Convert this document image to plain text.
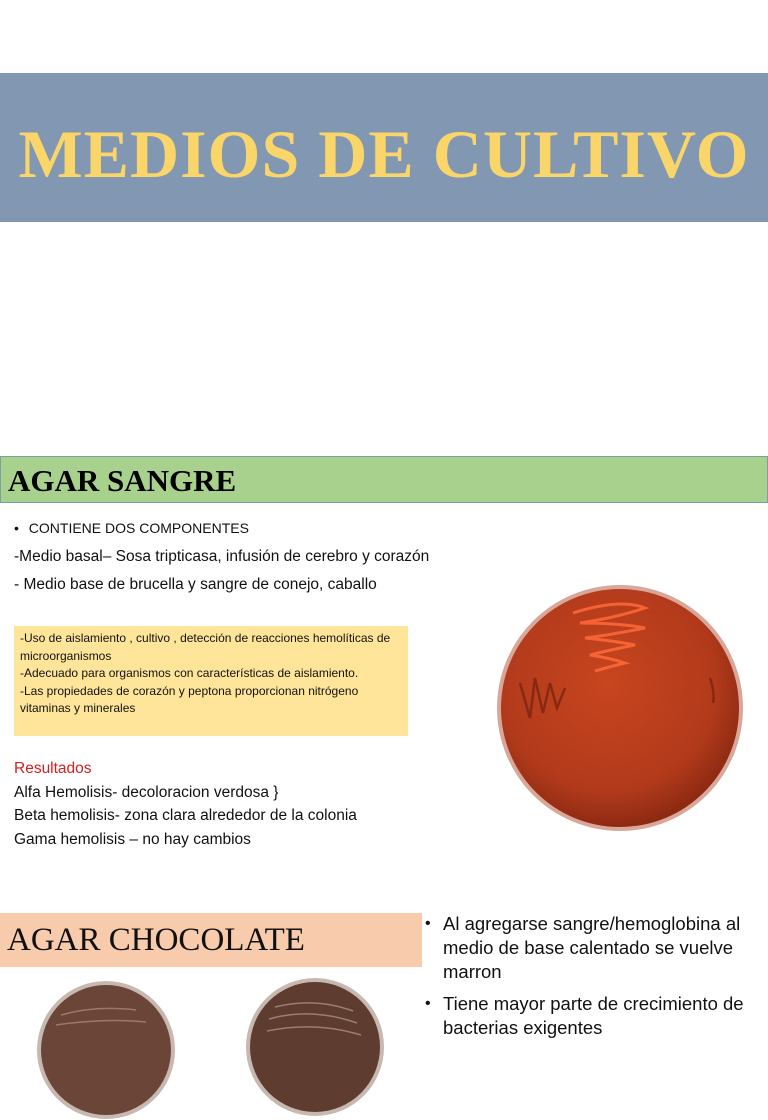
MEDIOS DE CULTIVO
AGAR SANGRE
• CONTIENE DOS COMPONENTES
-Medio basal– Sosa tripticasa, infusión de cerebro y corazón
- Medio base de brucella y sangre de conejo, caballo
-Uso de aislamiento , cultivo , detección de reacciones hemolíticas de microorganismos
-Adecuado para organismos con características de aislamiento.
-Las propiedades de corazón y peptona proporcionan nitrógeno vitaminas y minerales
Resultados
Alfa Hemolisis- decoloracion verdosa }
Beta hemolisis- zona clara alrededor de la colonia
Gama hemolisis – no hay cambios
AGAR CHOCOLATE	• Al agregarse sangre/hemoglobina al medio de base calentado se vuelve marron
• Tiene mayor parte de crecimiento de bacterias exigentes
